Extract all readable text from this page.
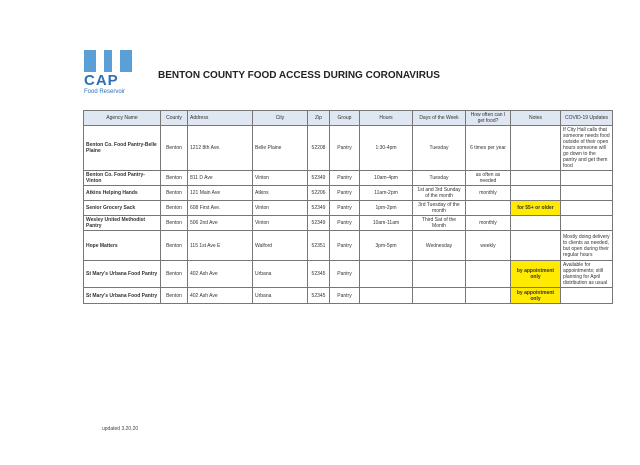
CAP
Food Reservoir
BENTON COUNTY FOOD ACCESS DURING CORONAVIRUS
Agency Name	County	Address	City	Zip	Group	Hours	Days of the Week	How often can I get food?	Notes	COVID-19 Updates
Benton Co. Food Pantry-Belle Plaine	Benton	1212 8th Ave.	Belle Plaine	52208	Pantry	1:30-4pm	Tuesday	6 times per year		If City Hall calls that someone needs food outside of their open hours someone will go down to the pantry and get them food
Benton Co. Food Pantry-Vinton	Benton	811 D Ave	Vinton	52349	Pantry	10am-4pm	Tuesday	as often as needed		
Atkins Helping Hands	Benton	121 Main Ave	Atkins	52206	Pantry	11am-2pm	1st and 3rd Sunday of the month	monthly		
Senior Grocery Sack	Benton	608 First Ave.	Vinton	52349	Pantry	1pm-2pm	3rd Tuesday of the month		for 55+ or older	
Wesley United Methodist Pantry	Benton	506 2nd Ave	Vinton	52349	Pantry	10am-11am	Third Sat of the Month	monthly		
Hope Matters	Benton	115 1st Ave E	Walford	52351	Pantry	3pm-5pm	Wednesday	weekly		Mostly doing delivery to clients as needed, but open during their regular hours
St Mary's Urbana Food Pantry	Benton	402 Ash Ave	Urbana	52345	Pantry				by appointment only	Available for appointments; still planning for April distribution as usual
St Mary's Urbana Food Pantry	Benton	402 Ash Ave	Urbana	52345	Pantry				by appointment only	
updated 3.20.20
